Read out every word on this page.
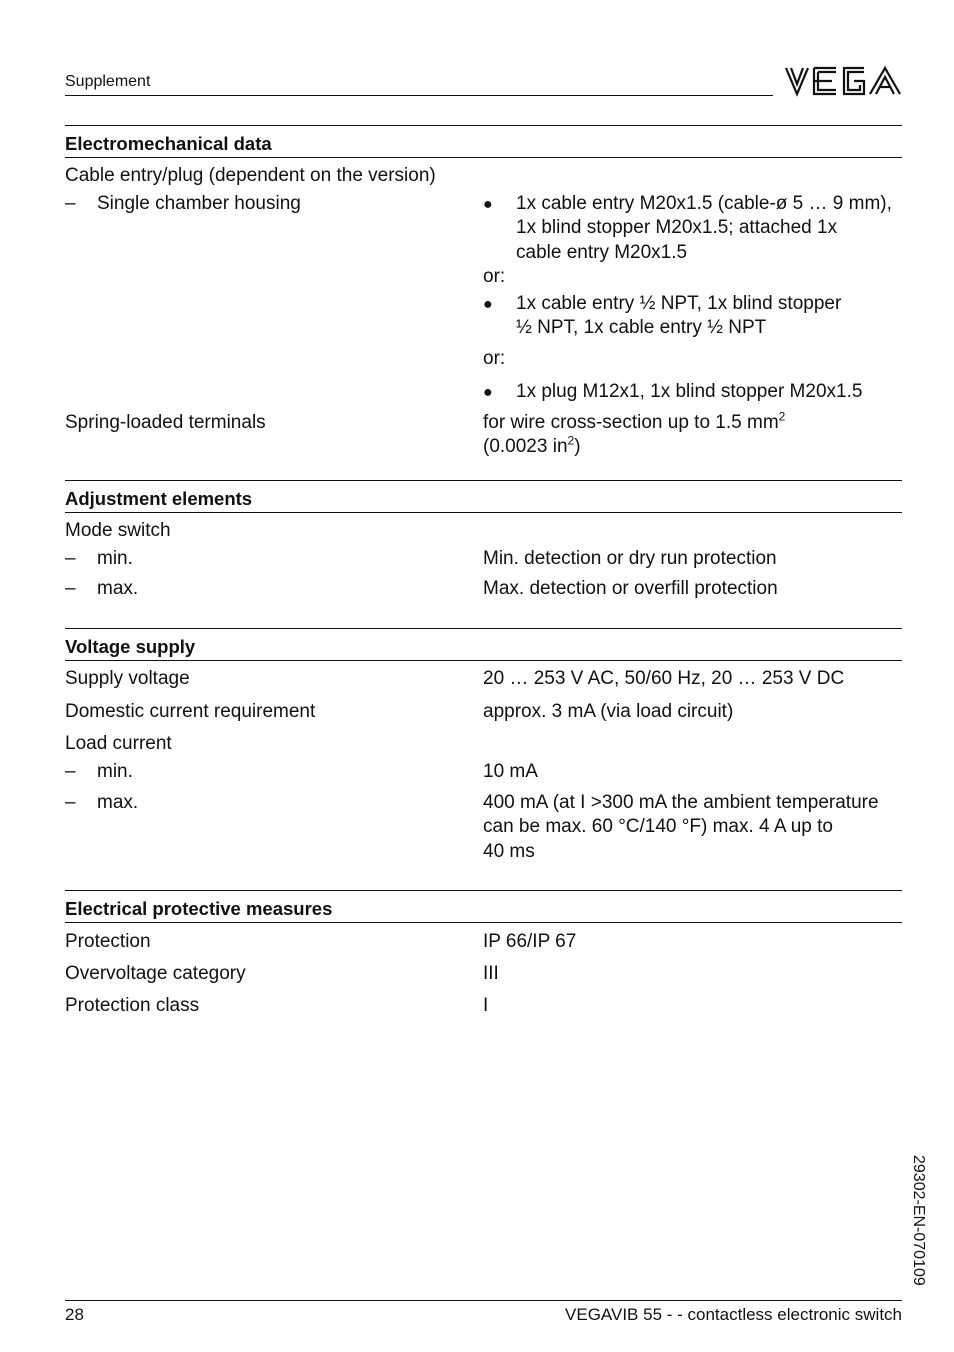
Supplement
Electromechanical data
Cable entry/plug (dependent on the version)
–	Single chamber housing	● 1x cable entry M20x1.5 (cable-ø 5 … 9 mm),
1x blind stopper M20x1.5; attached 1x
cable entry M20x1.5
or:
● 1x cable entry ½ NPT, 1x blind stopper
½ NPT, 1x cable entry ½ NPT
or:
● 1x plug M12x1, 1x blind stopper M20x1.5
Spring-loaded terminals	for wire cross-section up to 1.5 $mm^2$
(0.0023 $in^2$)
Adjustment elements
Mode switch
–	min.	Min. detection or dry run protection
–	max.	Max. detection or overfill protection
Voltage supply
Supply voltage	20 … 253 V AC, 50/60 Hz, 20 … 253 V DC
Domestic current requirement	approx. 3 mA (via load circuit)
Load current
–	min.	10 mA
–	max.	400 mA (at I >300 mA the ambient temperature
can be max. 60 °C/140 °F) max. 4 A up to
40 ms
Electrical protective measures
Protection	IP 66/IP 67
Overvoltage category	III
Protection class	I
29302-EN-070109
28	VEGAVIB 55 - - contactless electronic switch
